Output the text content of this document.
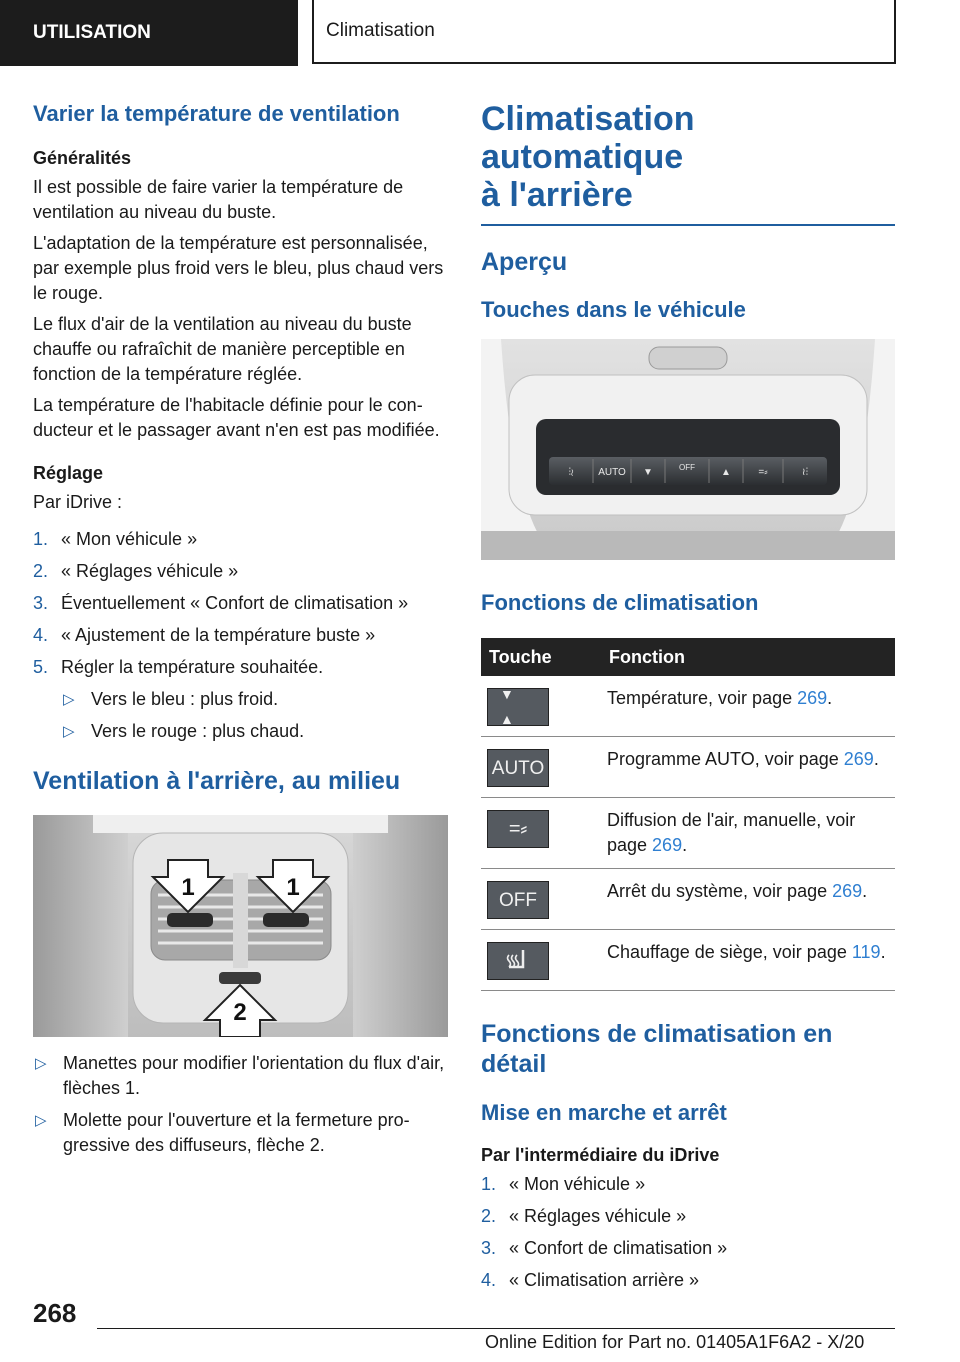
UTILISATION	Climatisation
Varier la température de ventilation
Généralités

Il est possible de faire varier la température de ventilation au niveau du buste.

L'adaptation de la température est personnalisée, par exemple plus froid vers le bleu, plus chaud vers le rouge.

Le flux d'air de la ventilation au niveau du buste chauffe ou rafraîchit de manière perceptible en fonction de la température réglée.

La température de l'habitacle définie pour le conducteur et le passager avant n'en est pas modifiée.

Réglage

Par iDrive :

1. « Mon véhicule »
2. « Réglages véhicule »
3. Éventuellement « Confort de climatisation »
4. « Ajustement de la température buste »
5. Régler la température souhaitée.
▷ Vers le bleu : plus froid.
▷ Vers le rouge : plus chaud.
Ventilation à l'arrière, au milieu
1	1
2
▷ Manettes pour modifier l'orientation du flux d'air, flèches 1.
▷ Molette pour l'ouverture et la fermeture progressive des diffuseurs, flèche 2.
Climatisation automatique
à l'arrière
Aperçu
Touches dans le véhicule
⫶≀ AUTO ▼	OFF	▲	=⸗	≀⫶
Fonctions de climatisation
Touche	Fonction

▼ ▲	Température, voir page 269.

AUTO	Programme AUTO, voir page 269.

=⸗	Diffusion de l'air, manuelle, voir page 269.

OFF	Arrêt du système, voir page 269.

	Chauffage de siège, voir page 119.
Fonctions de climatisation en détail
Mise en marche et arrêt
Par l'intermédiaire du iDrive
1. « Mon véhicule »
2. « Réglages véhicule »
3. « Confort de climatisation »
4. « Climatisation arrière »
268
Online Edition for Part no. 01405A1F6A2 - X/20
